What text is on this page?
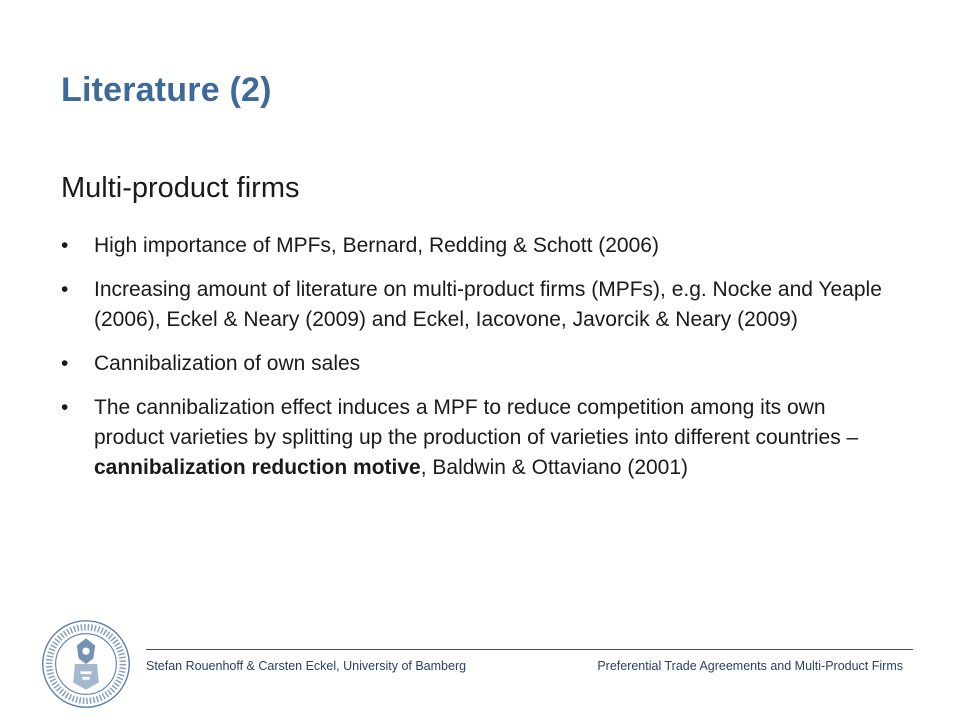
Literature (2)
Multi-product firms
• High importance of MPFs, Bernard, Redding & Schott (2006)
• Increasing amount of literature on multi-product firms (MPFs), e.g. Nocke and Yeaple (2006), Eckel & Neary (2009) and Eckel, Iacovone, Javorcik & Neary (2009)
• Cannibalization of own sales
• The cannibalization effect induces a MPF to reduce competition among its own product varieties by splitting up the production of varieties into different countries – cannibalization reduction motive, Baldwin & Ottaviano (2001)
Stefan Rouenhoff & Carsten Eckel, University of Bamberg	Preferential Trade Agreements and Multi-Product Firms
